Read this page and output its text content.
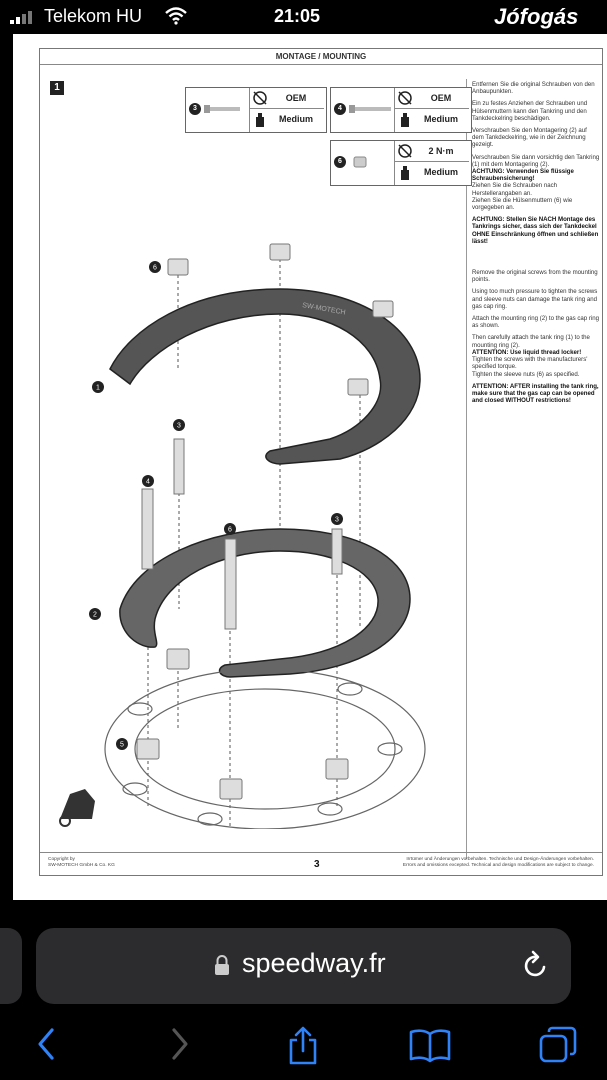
Telekom HU	21:05	Jófogás
MONTAGE / MOUNTING
1
3
OEM
Medium
4
OEM
Medium
6
2 N·m
Medium
SW-MOTECH
6
1
3
4
6
3
2
5

Entfernen Sie die original Schrauben von den Anbaupunkten.

Ein zu festes Anziehen der Schrauben und Hülsenmuttern kann den Tankring und den Tankdeckelring beschädigen.

Verschrauben Sie den Montagering (2) auf dem Tankdeckelring, wie in der Zeichnung gezeigt.

Verschrauben Sie dann vorsichtig den Tankring (1) mit dem Montagering (2).

ACHTUNG: Verwenden Sie flüssige Schraubensicherung!

Ziehen Sie die Schrauben nach Herstellerangaben an.

Ziehen Sie die Hülsenmuttern (6) wie vorgegeben an.

ACHTUNG: Stellen Sie NACH Montage des Tankrings sicher, dass sich der Tankdeckel OHNE Einschränkung öffnen und schließen lässt!

Remove the original screws from the mounting points.

Using too much pressure to tighten the screws and sleeve nuts can damage the tank ring and gas cap ring.

Attach the mounting ring (2) to the gas cap ring as shown.

Then carefully attach the tank ring (1) to the mounting ring (2).

ATTENTION: Use liquid thread locker!

Tighten the screws with the manufacturers' specified torque.

Tighten the sleeve nuts (6) as specified.

ATTENTION: AFTER installing the tank ring, make sure that the gas cap can be opened and closed WITHOUT restrictions!

Copyright by
SW-MOTECH GmbH & Co. KG	3	Irrtümer und Änderungen vorbehalten. Technische und Design-Änderungen vorbehalten.
Errors and omissions excepted. Technical and design modifications are subject to change.
speedway.fr
